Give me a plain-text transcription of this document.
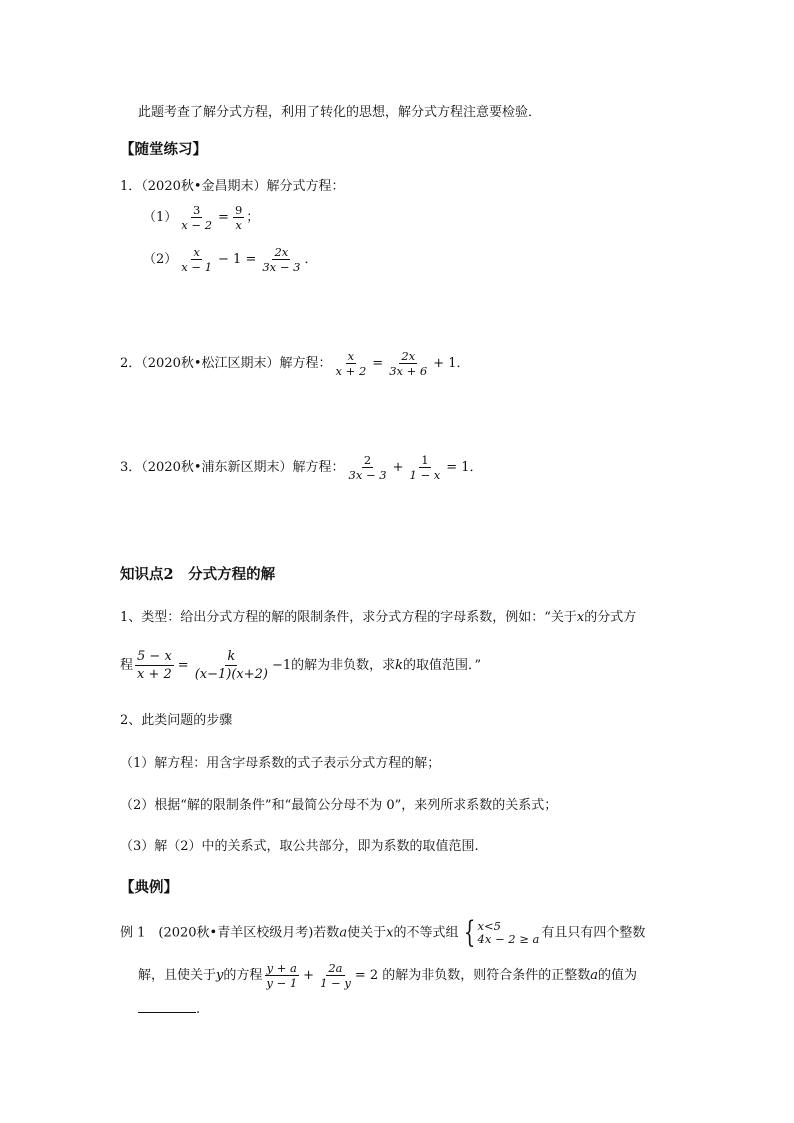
此题考查了解分式方程，利用了转化的思想，解分式方程注意要检验．
【随堂练习】
1．（2020秋•金昌期末）解分式方程：
$(1) \frac{3}{x - 2} = \frac{9}{x}$ ；
$(2) \frac{x}{x - 1} - 1 = \frac{2x}{3x - 3}$ ．
2．（2020秋•松江区期末）解方程： $\frac{x}{x + 2} = \frac{2x}{3x + 6} + 1$．
3．（2020秋•浦东新区期末）解方程： $\frac{2}{3x - 3} + \frac{1}{1 - x} = 1$．
知识点2　分式方程的解
1、类型：给出分式方程的解的限制条件，求分式方程的字母系数，例如：“关于x的分式方
程 $\frac{5 - x}{x + 2} = \frac{k}{(x-1)(x+2)} -1$的解为非负数，求k的取值范围．”
2、此类问题的步骤
（1）解方程：用含字母系数的式子表示分式方程的解；
（2）根据“解的限制条件”和“最简公分母不为 0”，来列所求系数的关系式；
（3）解（2）中的关系式，取公共部分，即为系数的取值范围.
【典例】
例 1　(2020秋•青羊区校级月考)若数a使关于x的不等式组 { x<5
4x − 2 ≥ a 有且只有四个整数
解，且使关于y的方程 $\frac{y + a}{y - 1} + \frac{2a}{1 - y} = 2$ 的解为非负数，则符合条件的正整数a的值为
.
